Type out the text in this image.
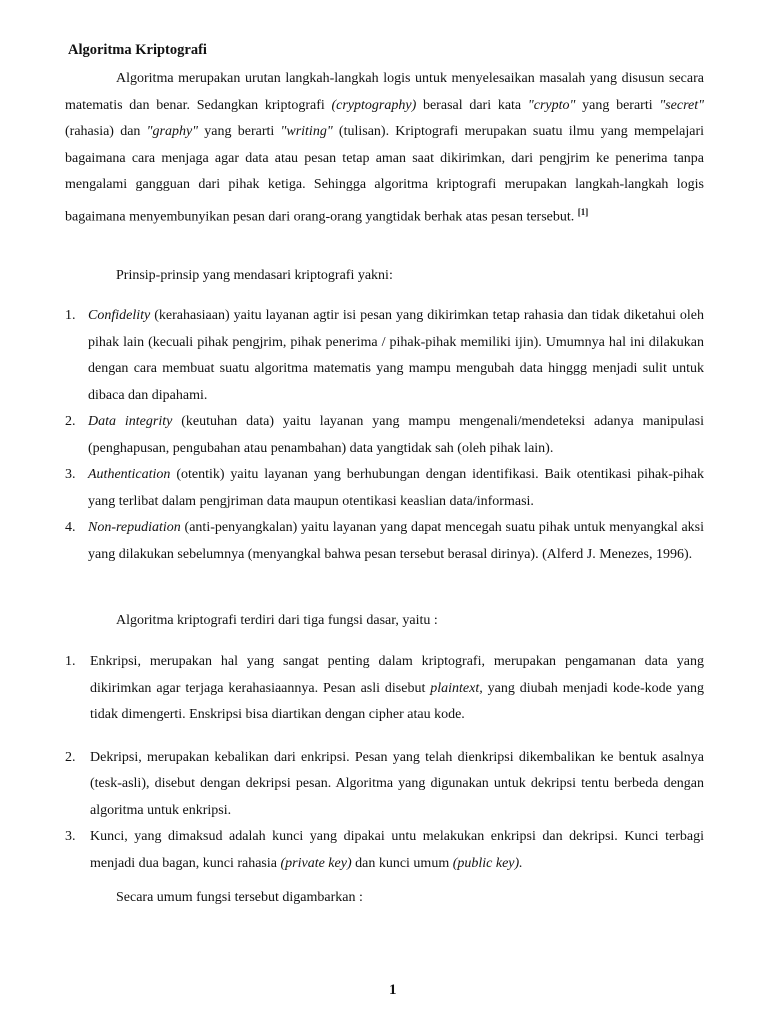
Algoritma Kriptografi

Algoritma merupakan urutan langkah-langkah logis untuk menyelesaikan masalah yang disusun secara matematis dan benar. Sedangkan kriptografi (cryptography) berasal dari kata "crypto" yang berarti "secret" (rahasia) dan "graphy" yang berarti "writing" (tulisan). Kriptografi merupakan suatu ilmu yang mempelajari bagaimana cara menjaga agar data atau pesan tetap aman saat dikirimkan, dari pengjrim ke penerima tanpa mengalami gangguan dari pihak ketiga. Sehingga algoritma kriptografi merupakan langkah-langkah logis bagaimana menyembunyikan pesan dari orang-orang yangtidak berhak atas pesan tersebut. [1]

Prinsip-prinsip yang mendasari kriptografi yakni:

1. Confidelity (kerahasiaan) yaitu layanan agtir isi pesan yang dikirimkan tetap rahasia dan tidak diketahui oleh pihak lain (kecuali pihak pengjrim, pihak penerima / pihak-pihak memiliki ijin). Umumnya hal ini dilakukan dengan cara membuat suatu algoritma matematis yang mampu mengubah data hinggg menjadi sulit untuk dibaca dan dipahami.
2. Data integrity (keutuhan data) yaitu layanan yang mampu mengenali/mendeteksi adanya manipulasi (penghapusan, pengubahan atau penambahan) data yangtidak sah (oleh pihak lain).
3. Authentication (otentik) yaitu layanan yang berhubungan dengan identifikasi. Baik otentikasi pihak-pihak yang terlibat dalam pengjriman data maupun otentikasi keaslian data/informasi.
4. Non-repudiation (anti-penyangkalan) yaitu layanan yang dapat mencegah suatu pihak untuk menyangkal aksi yang dilakukan sebelumnya (menyangkal bahwa pesan tersebut berasal dirinya). (Alferd J. Menezes, 1996).

Algoritma kriptografi terdiri dari tiga fungsi dasar, yaitu :

1. Enkripsi, merupakan hal yang sangat penting dalam kriptografi, merupakan pengamanan data yang dikirimkan agar terjaga kerahasiaannya. Pesan asli disebut plaintext, yang diubah menjadi kode-kode yang tidak dimengerti. Enskripsi bisa diartikan dengan cipher atau kode.
2. Dekripsi, merupakan kebalikan dari enkripsi. Pesan yang telah dienkripsi dikembalikan ke bentuk asalnya (tesk-asli), disebut dengan dekripsi pesan. Algoritma yang digunakan untuk dekripsi tentu berbeda dengan algoritma untuk enkripsi.
3. Kunci, yang dimaksud adalah kunci yang dipakai untu melakukan enkripsi dan dekripsi. Kunci terbagi menjadi dua bagan, kunci rahasia (private key) dan kunci umum (public key).

Secara umum fungsi tersebut digambarkan :

1
